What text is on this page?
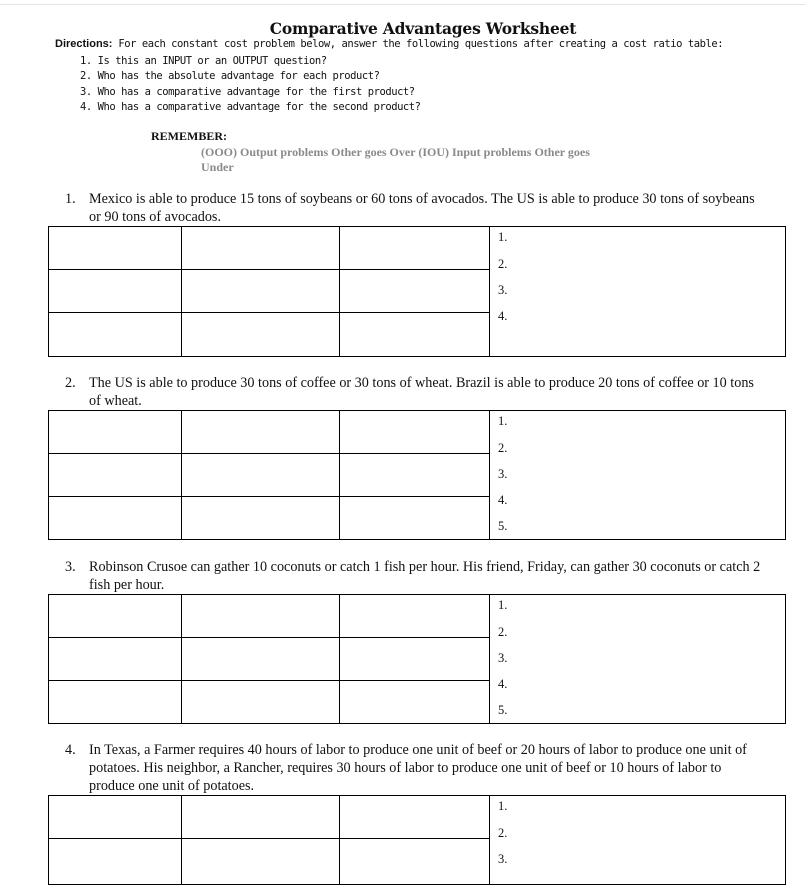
Comparative Advantages Worksheet
Directions: For each constant cost problem below, answer the following questions after creating a cost ratio table:
1. Is this an INPUT or an OUTPUT question?
2. Who has the absolute advantage for each product?
3. Who has a comparative advantage for the first product?
4. Who has a comparative advantage for the second product?
REMEMBER:
(OOO) Output problems Other goes Over (IOU) Input problems Other goes Under
1. Mexico is able to produce 15 tons of soybeans or 60 tons of avocados. The US is able to produce 30 tons of soybeans or 90 tons of avocados.
1.
2.
3.
4.
2. The US is able to produce 30 tons of coffee or 30 tons of wheat. Brazil is able to produce 20 tons of coffee or 10 tons of wheat.
1.
2.
3.
4.
5.
3. Robinson Crusoe can gather 10 coconuts or catch 1 fish per hour. His friend, Friday, can gather 30 coconuts or catch 2 fish per hour.
1.
2.
3.
4.
5.
4. In Texas, a Farmer requires 40 hours of labor to produce one unit of beef or 20 hours of labor to produce one unit of potatoes. His neighbor, a Rancher, requires 30 hours of labor to produce one unit of beef or 10 hours of labor to produce one unit of potatoes.
1.
2.
3.
